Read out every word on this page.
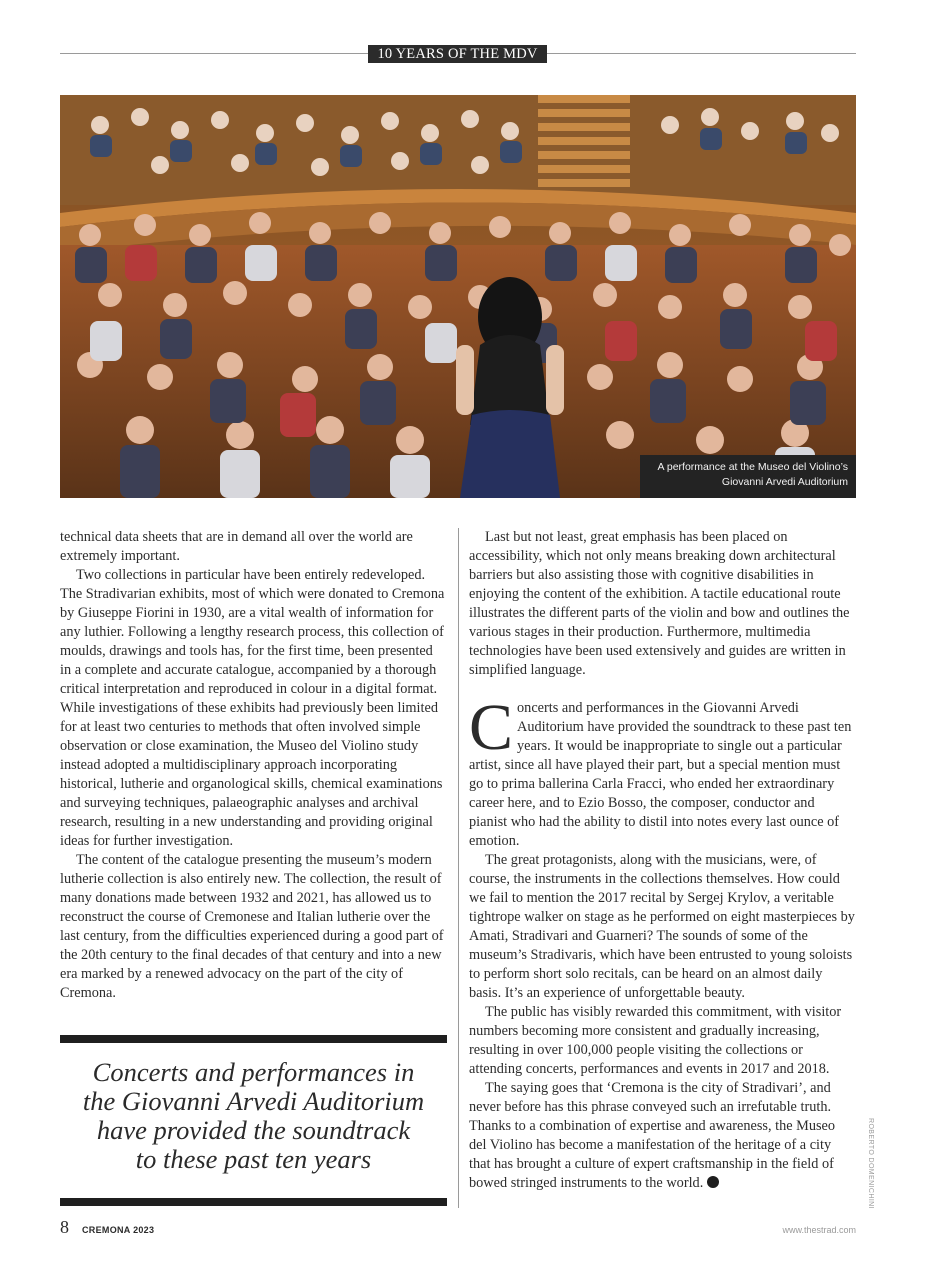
10 YEARS OF THE MDV
A performance at the Museo del Violino’s
Giovanni Arvedi Auditorium

technical data sheets that are in demand all over the world are extremely important.

Two collections in particular have been entirely redeveloped. The Stradivarian exhibits, most of which were donated to Cremona by Giuseppe Fiorini in 1930, are a vital wealth of information for any luthier. Following a lengthy research process, this collection of moulds, drawings and tools has, for the first time, been presented in a complete and accurate catalogue, accompanied by a thorough critical interpretation and reproduced in colour in a digital format. While investigations of these exhibits had previously been limited for at least two centuries to methods that often involved simple observation or close examination, the Museo del Violino study instead adopted a multidisciplinary approach incorporating historical, lutherie and organological skills, chemical examinations and surveying techniques, palaeographic analyses and archival research, resulting in a new understanding and providing original ideas for further investigation.

The content of the catalogue presenting the museum’s modern lutherie collection is also entirely new. The collection, the result of many donations made between 1932 and 2021, has allowed us to reconstruct the course of Cremonese and Italian lutherie over the last century, from the difficulties experienced during a good part of the 20th century to the final decades of that century and into a new era marked by a renewed advocacy on the part of the city of Cremona.

Concerts and performances in
the Giovanni Arvedi Auditorium
have provided the soundtrack
to these past ten years

Last but not least, great emphasis has been placed on accessibility, which not only means breaking down architectural barriers but also assisting those with cognitive disabilities in enjoying the content of the exhibition. A tactile educational route illustrates the different parts of the violin and bow and outlines the various stages in their production. Furthermore, multimedia technologies have been used extensively and guides are written in simplified language.

Concerts and performances in the Giovanni Arvedi Auditorium have provided the soundtrack to these past ten years. It would be inappropriate to single out a particular artist, since all have played their part, but a special mention must go to prima ballerina Carla Fracci, who ended her extraordinary career here, and to Ezio Bosso, the composer, conductor and pianist who had the ability to distil into notes every last ounce of emotion.

The great protagonists, along with the musicians, were, of course, the instruments in the collections themselves. How could we fail to mention the 2017 recital by Sergej Krylov, a veritable tightrope walker on stage as he performed on eight masterpieces by Amati, Stradivari and Guarneri? The sounds of some of the museum’s Stradivaris, which have been entrusted to young soloists to perform short solo recitals, can be heard on an almost daily basis. It’s an experience of unforgettable beauty.

The public has visibly rewarded this commitment, with visitor numbers becoming more consistent and gradually increasing, resulting in over 100,000 people visiting the collections or attending concerts, performances and events in 2017 and 2018.

The saying goes that ‘Cremona is the city of Stradivari’, and never before has this phrase conveyed such an irrefutable truth. Thanks to a combination of expertise and awareness, the Museo del Violino has become a manifestation of the heritage of a city that has brought a culture of expert craftsmanship in the field of bowed stringed instruments to the world.	ROBERTO DOMENICHINI
8 CREMONA 2023	www.thestrad.com
